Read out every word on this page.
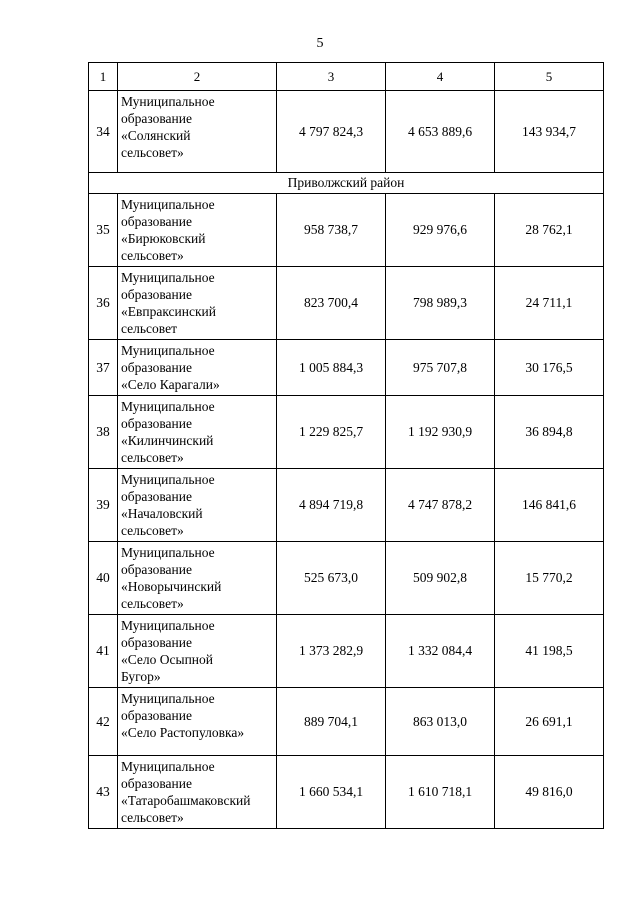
5
1	2	3	4	5
34	Муниципальное
образование
«Солянский
сельсовет»	4 797 824,3	4 653 889,6	143 934,7
Приволжский район				
35	Муниципальное
образование
«Бирюковский
сельсовет»	958 738,7	929 976,6	28 762,1
36	Муниципальное
образование
«Евпраксинский
сельсовет	823 700,4	798 989,3	24 711,1
37	Муниципальное
образование
«Село Карагали»	1 005 884,3	975 707,8	30 176,5
38	Муниципальное
образование
«Килинчинский
сельсовет»	1 229 825,7	1 192 930,9	36 894,8
39	Муниципальное
образование
«Началовский
сельсовет»	4 894 719,8	4 747 878,2	146 841,6
40	Муниципальное
образование
«Новорычинский
сельсовет»	525 673,0	509 902,8	15 770,2
41	Муниципальное
образование
«Село Осыпной
Бугор»	1 373 282,9	1 332 084,4	41 198,5
42	Муниципальное
образование
«Село Растопуловка»	889 704,1	863 013,0	26 691,1
43	Муниципальное
образование
«Татаробашмаковский
сельсовет»	1 660 534,1	1 610 718,1	49 816,0
